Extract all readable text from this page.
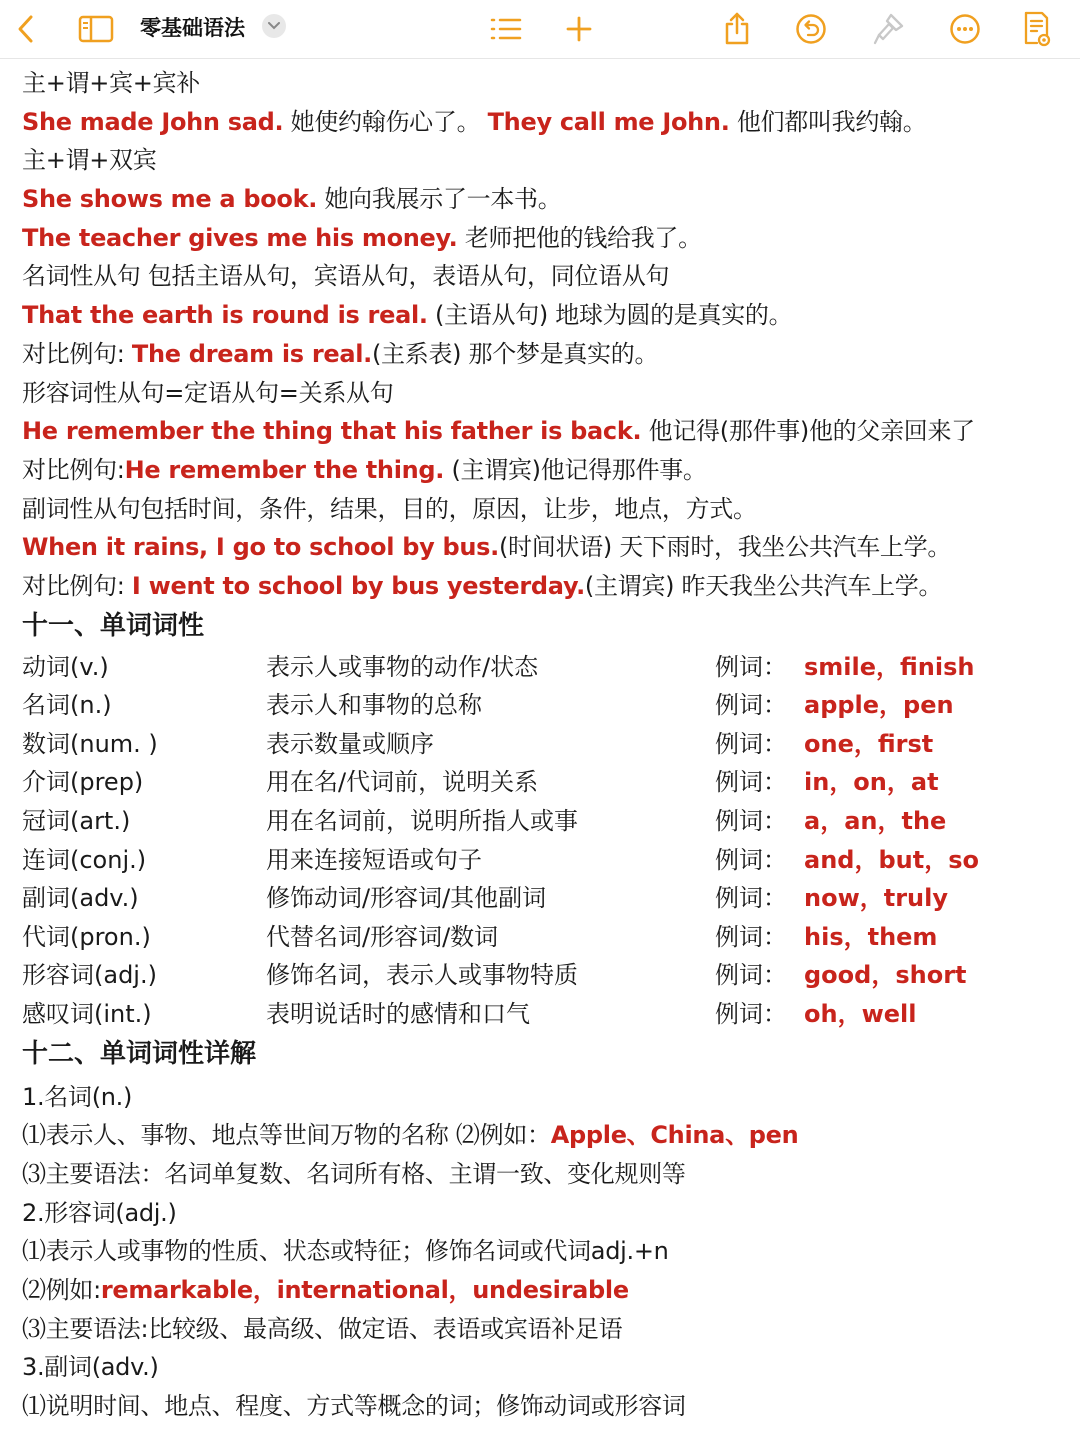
零基础语法
主+谓+宾+宾补
She made John sad. 她使约翰伤心了。 They call me John. 他们都叫我约翰。
主+谓+双宾
She shows me a book. 她向我展示了一本书。
The teacher gives me his money. 老师把他的钱给我了。
名词性从句 包括主语从句，宾语从句，表语从句，同位语从句
That the earth is round is real. (主语从句) 地球为圆的是真实的。
对比例句: The dream is real.(主系表) 那个梦是真实的。
形容词性从句=定语从句=关系从句
He remember the thing that his father is back. 他记得(那件事)他的父亲回来了
对比例句:He remember the thing. (主谓宾)他记得那件事。
副词性从句包括时间，条件，结果，目的，原因，让步，地点，方式。
When it rains, I go to school by bus.(时间状语) 天下雨时，我坐公共汽车上学。
对比例句: I went to school by bus yesterday.(主谓宾) 昨天我坐公共汽车上学。
十一、单词词性
动词(v.)	表示人或事物的动作/状态	例词： smile，finish
名词(n.)	表示人和事物的总称	例词： apple，pen
数词(num. )	表示数量或顺序	例词： one，first
介词(prep)	用在名/代词前，说明关系	例词： in，on，at
冠词(art.)	用在名词前，说明所指人或事	例词： a，an，the
连词(conj.)	用来连接短语或句子	例词： and，but，so
副词(adv.)	修饰动词/形容词/其他副词	例词： now，truly
代词(pron.)	代替名词/形容词/数词	例词： his，them
形容词(adj.)	修饰名词，表示人或事物特质	例词： good，short
感叹词(int.)	表明说话时的感情和口气	例词： oh，well
十二、单词词性详解
1.名词(n.)
⑴表示人、事物、地点等世间万物的名称 ⑵例如：Apple、China、pen
⑶主要语法：名词单复数、名词所有格、主谓一致、变化规则等
2.形容词(adj.)
⑴表示人或事物的性质、状态或特征；修饰名词或代词adj.+n
⑵例如:remarkable，international，undesirable
⑶主要语法:比较级、最高级、做定语、表语或宾语补足语
3.副词(adv.)
⑴说明时间、地点、程度、方式等概念的词；修饰动词或形容词
